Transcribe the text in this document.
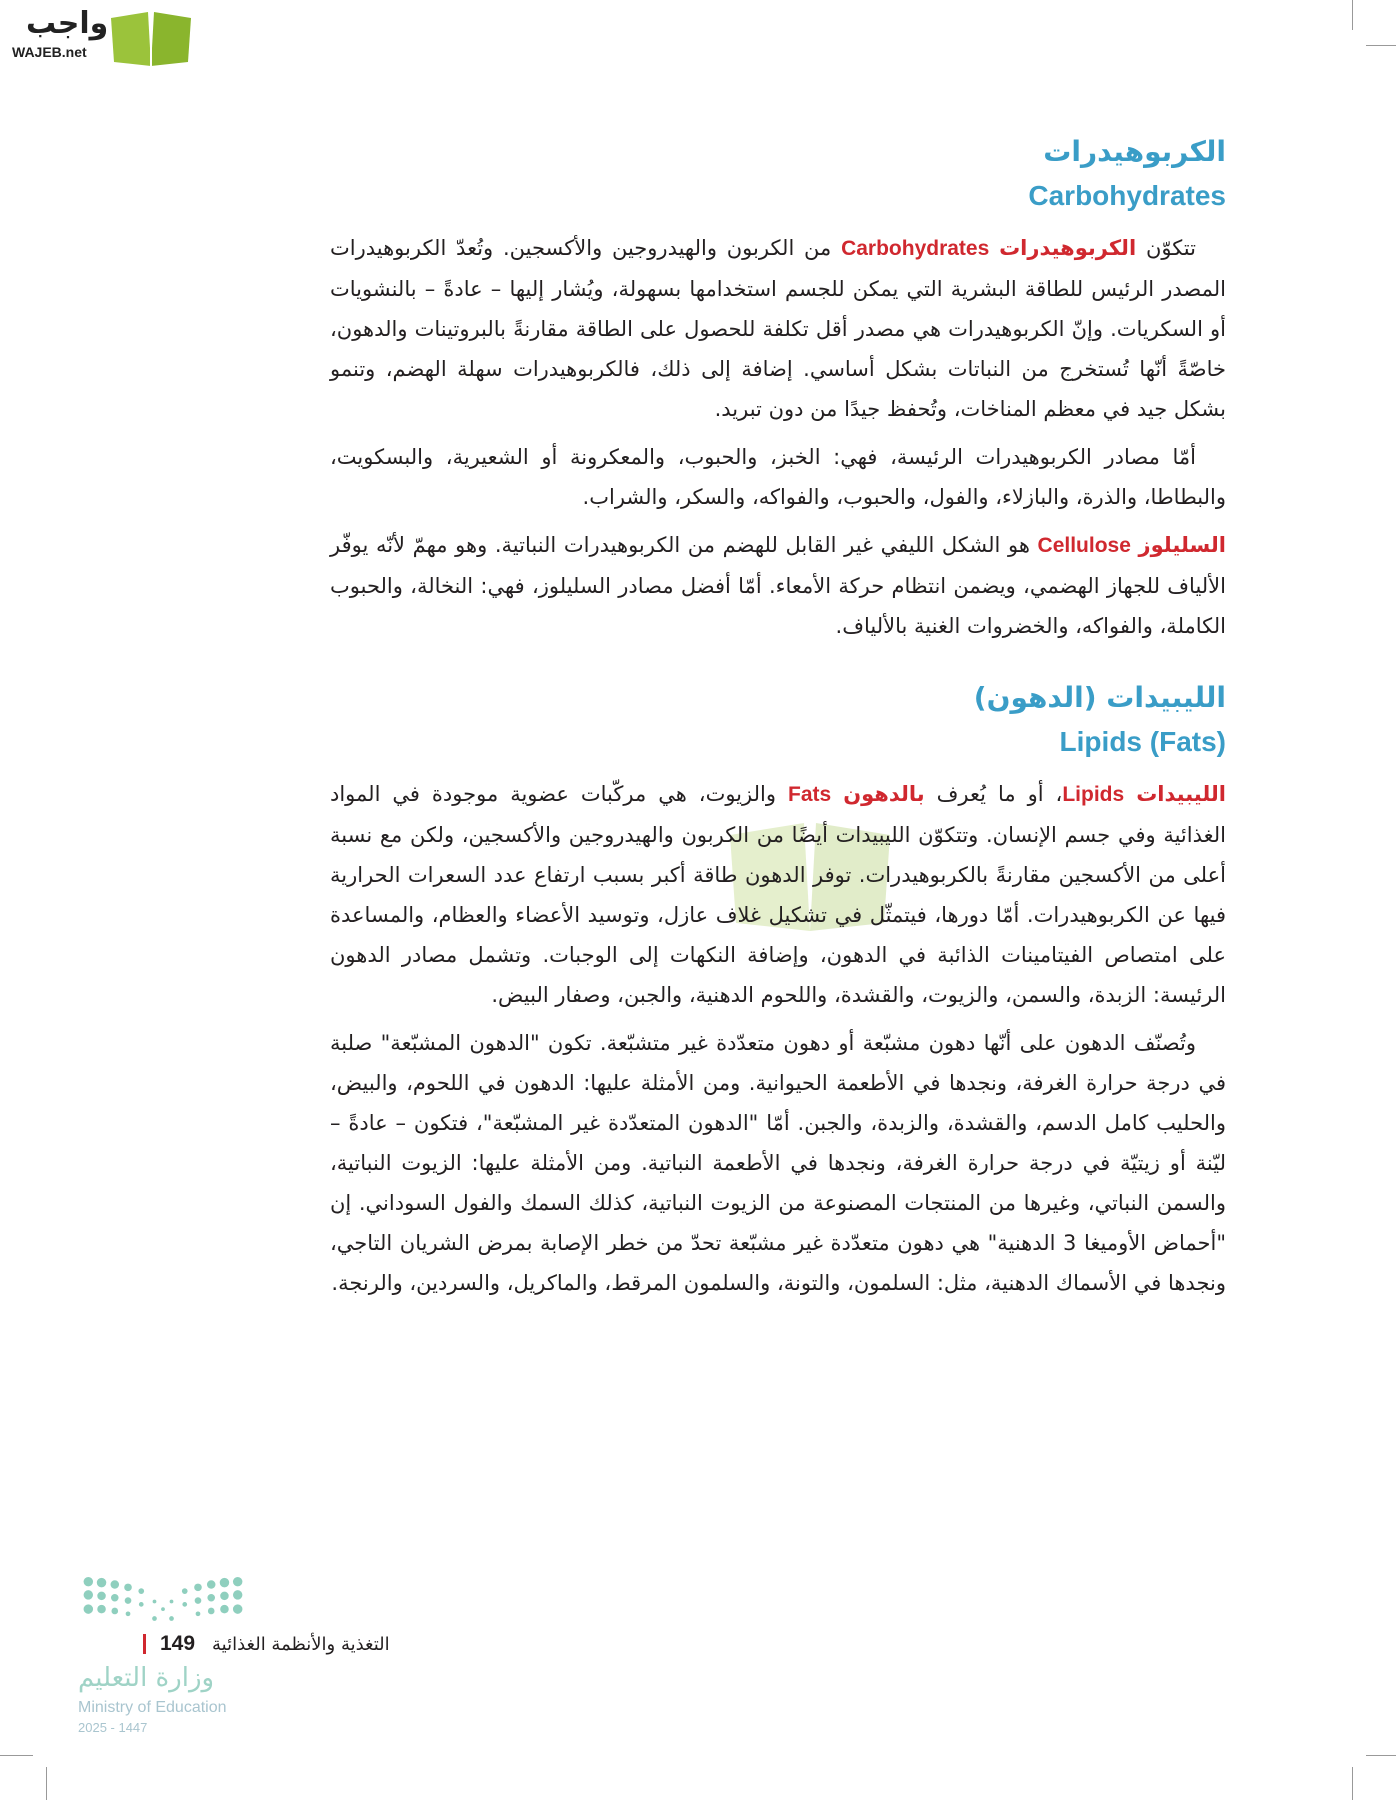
واجب
WAJEB.net
الكربوهيدرات
Carbohydrates

تتكوّن الكربوهيدرات Carbohydrates من الكربون والهيدروجين والأكسجين. وتُعدّ الكربوهيدرات المصدر الرئيس للطاقة البشرية التي يمكن للجسم استخدامها بسهولة، ويُشار إليها – عادةً – بالنشويات أو السكريات. وإنّ الكربوهيدرات هي مصدر أقل تكلفة للحصول على الطاقة مقارنةً بالبروتينات والدهون، خاصّةً أنّها تُستخرج من النباتات بشكل أساسي. إضافة إلى ذلك، فالكربوهيدرات سهلة الهضم، وتنمو بشكل جيد في معظم المناخات، وتُحفظ جيدًا من دون تبريد.

أمّا مصادر الكربوهيدرات الرئيسة، فهي: الخبز، والحبوب، والمعكرونة أو الشعيرية، والبسكويت، والبطاطا، والذرة، والبازلاء، والفول، والحبوب، والفواكه، والسكر، والشراب.

السليلوز Cellulose هو الشكل الليفي غير القابل للهضم من الكربوهيدرات النباتية. وهو مهمّ لأنّه يوفّر الألياف للجهاز الهضمي، ويضمن انتظام حركة الأمعاء. أمّا أفضل مصادر السليلوز، فهي: النخالة، والحبوب الكاملة، والفواكه، والخضروات الغنية بالألياف.

الليبيدات (الدهون)
Lipids (Fats)

الليبيدات Lipids، أو ما يُعرف بالدهون Fats والزيوت، هي مركّبات عضوية موجودة في المواد الغذائية وفي جسم الإنسان. وتتكوّن الليبيدات أيضًا من الكربون والهيدروجين والأكسجين، ولكن مع نسبة أعلى من الأكسجين مقارنةً بالكربوهيدرات. توفر الدهون طاقة أكبر بسبب ارتفاع عدد السعرات الحرارية فيها عن الكربوهيدرات. أمّا دورها، فيتمثّل في تشكيل غلاف عازل، وتوسيد الأعضاء والعظام، والمساعدة على امتصاص الفيتامينات الذائبة في الدهون، وإضافة النكهات إلى الوجبات. وتشمل مصادر الدهون الرئيسة: الزبدة، والسمن، والزيوت، والقشدة، واللحوم الدهنية، والجبن، وصفار البيض.

وتُصنّف الدهون على أنّها دهون مشبّعة أو دهون متعدّدة غير متشبّعة. تكون "الدهون المشبّعة" صلبة في درجة حرارة الغرفة، ونجدها في الأطعمة الحيوانية. ومن الأمثلة عليها: الدهون في اللحوم، والبيض، والحليب كامل الدسم، والقشدة، والزبدة، والجبن. أمّا "الدهون المتعدّدة غير المشبّعة"، فتكون – عادةً – ليّنة أو زيتيّة في درجة حرارة الغرفة، ونجدها في الأطعمة النباتية. ومن الأمثلة عليها: الزيوت النباتية، والسمن النباتي، وغيرها من المنتجات المصنوعة من الزيوت النباتية، كذلك السمك والفول السوداني. إن "أحماض الأوميغا 3 الدهنية" هي دهون متعدّدة غير مشبّعة تحدّ من خطر الإصابة بمرض الشريان التاجي، ونجدها في الأسماك الدهنية، مثل: السلمون، والتونة، والسلمون المرقط، والماكريل، والسردين، والرنجة.

149 التغذية والأنظمة الغذائية
وزارة التعليم
Ministry of Education
2025 - 1447
